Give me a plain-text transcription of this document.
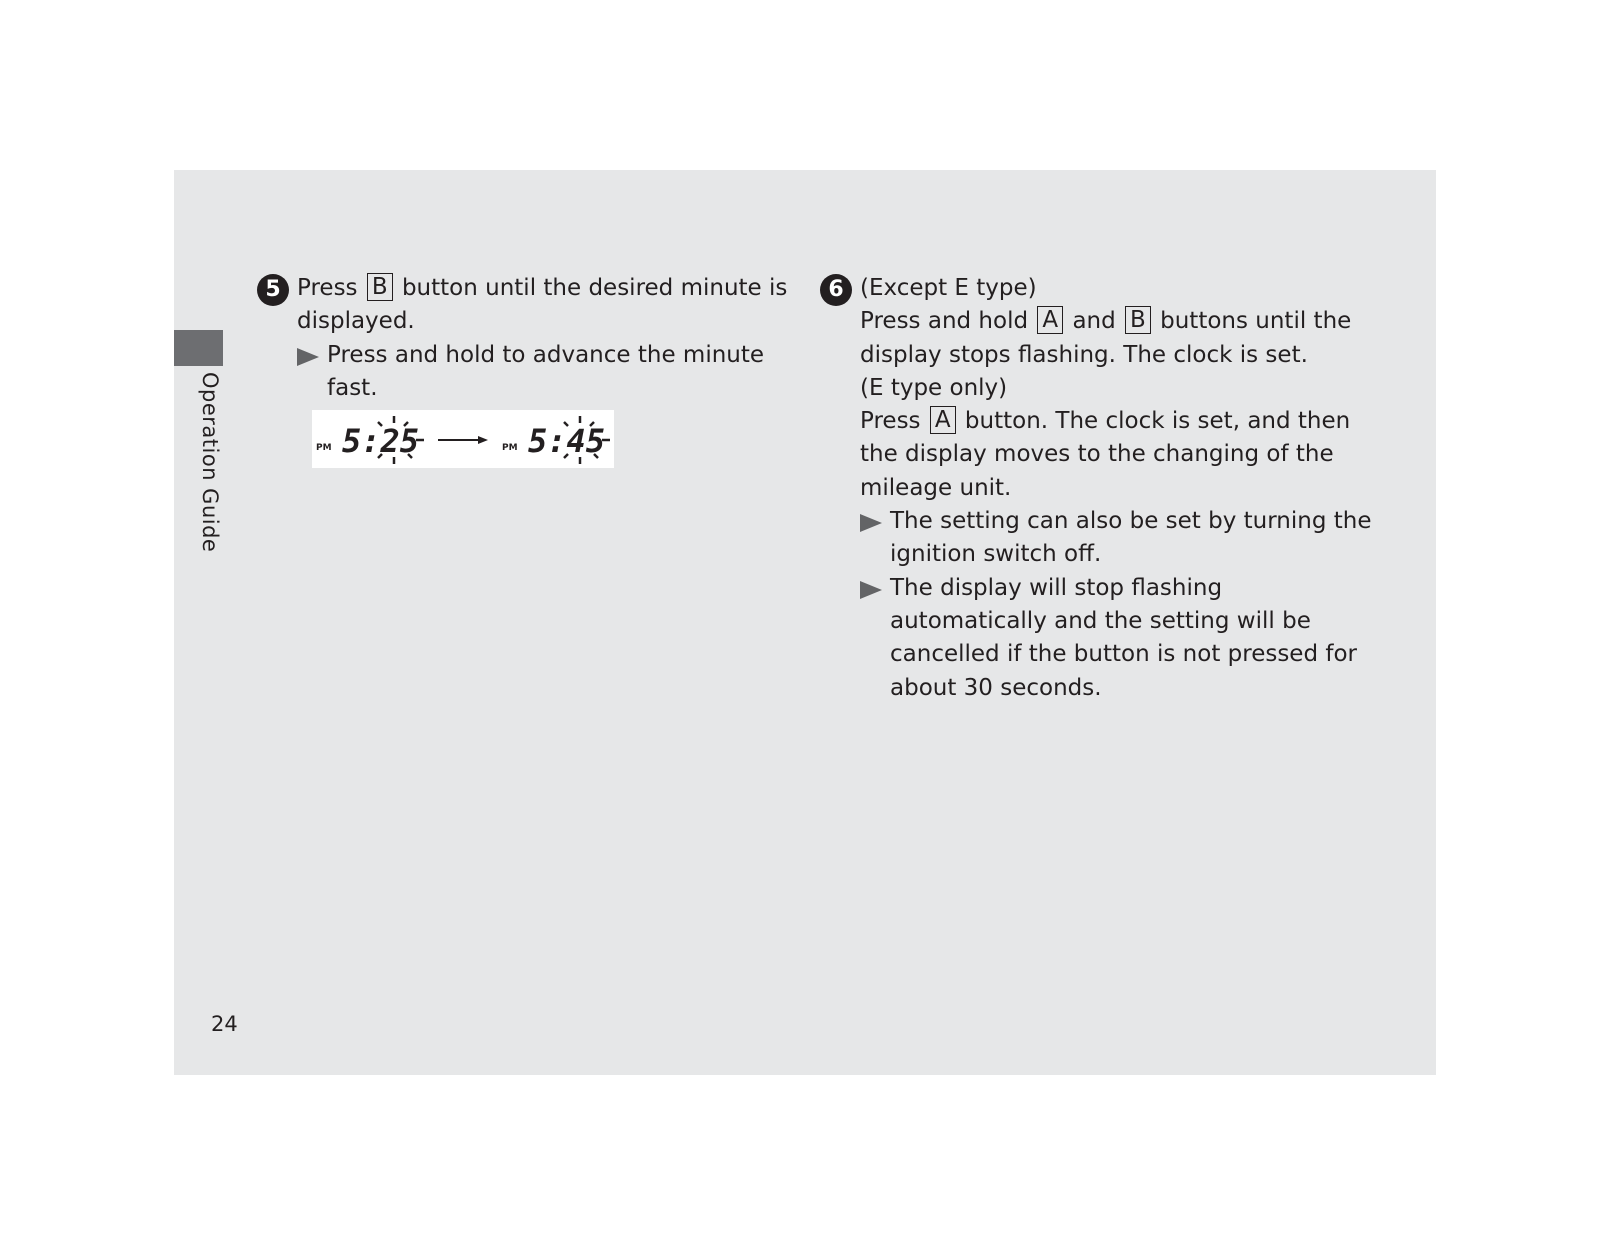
Operation Guide
24
5 Press B button until the desired minute is
displayed.
Press and hold to advance the minute
fast.
PM 5:25	PM 5:45
6 (Except E type)
Press and hold A and B buttons until the
display stops flashing. The clock is set.
(E type only)
Press A button. The clock is set, and then
the display moves to the changing of the
mileage unit.
The setting can also be set by turning the
ignition switch off.
The display will stop flashing
automatically and the setting will be
cancelled if the button is not pressed for
about 30 seconds.
